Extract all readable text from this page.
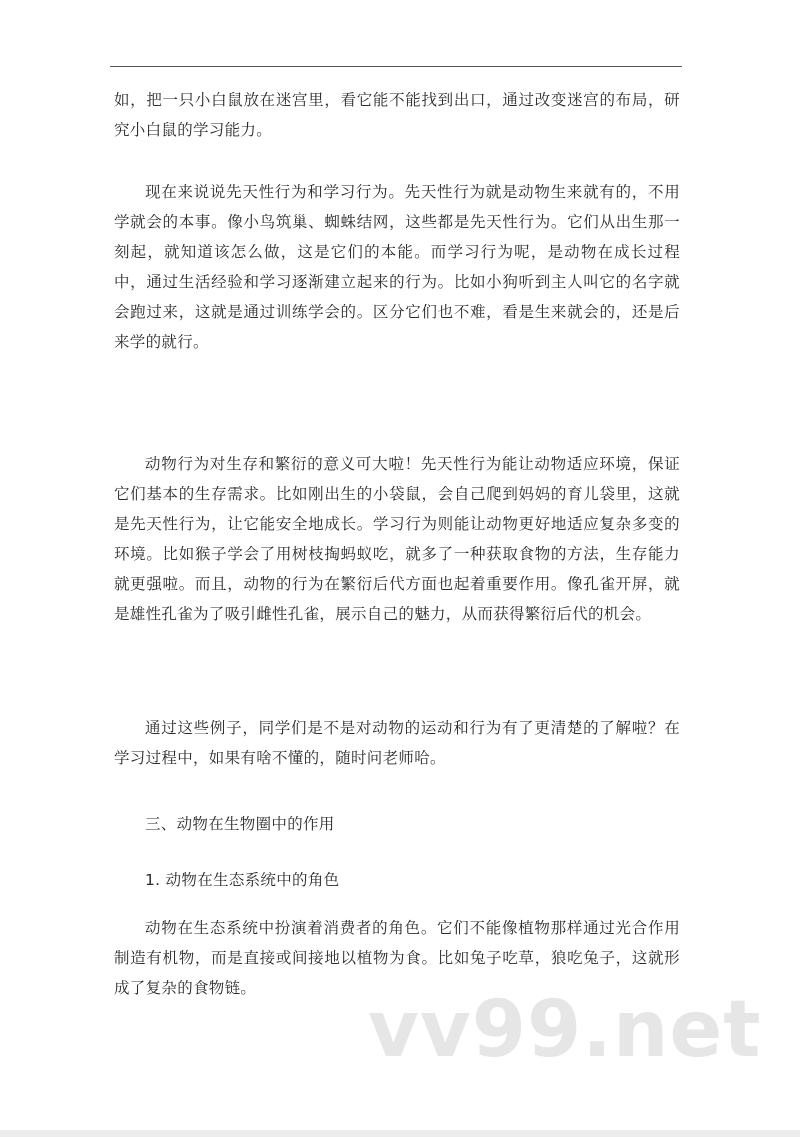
如，把一只小白鼠放在迷宫里，看它能不能找到出口，通过改变迷宫的布局，研究小白鼠的学习能力。

现在来说说先天性行为和学习行为。先天性行为就是动物生来就有的，不用学就会的本事。像小鸟筑巢、蜘蛛结网，这些都是先天性行为。它们从出生那一刻起，就知道该怎么做，这是它们的本能。而学习行为呢，是动物在成长过程中，通过生活经验和学习逐渐建立起来的行为。比如小狗听到主人叫它的名字就会跑过来，这就是通过训练学会的。区分它们也不难，看是生来就会的，还是后来学的就行。

动物行为对生存和繁衍的意义可大啦！先天性行为能让动物适应环境，保证它们基本的生存需求。比如刚出生的小袋鼠，会自己爬到妈妈的育儿袋里，这就是先天性行为，让它能安全地成长。学习行为则能让动物更好地适应复杂多变的环境。比如猴子学会了用树枝掏蚂蚁吃，就多了一种获取食物的方法，生存能力就更强啦。而且，动物的行为在繁衍后代方面也起着重要作用。像孔雀开屏，就是雄性孔雀为了吸引雌性孔雀，展示自己的魅力，从而获得繁衍后代的机会。

通过这些例子，同学们是不是对动物的运动和行为有了更清楚的了解啦？在学习过程中，如果有啥不懂的，随时问老师哈。

三、动物在生物圈中的作用

1. 动物在生态系统中的角色

动物在生态系统中扮演着消费者的角色。它们不能像植物那样通过光合作用制造有机物，而是直接或间接地以植物为食。比如兔子吃草，狼吃兔子，这就形成了复杂的食物链。	vv99.net
